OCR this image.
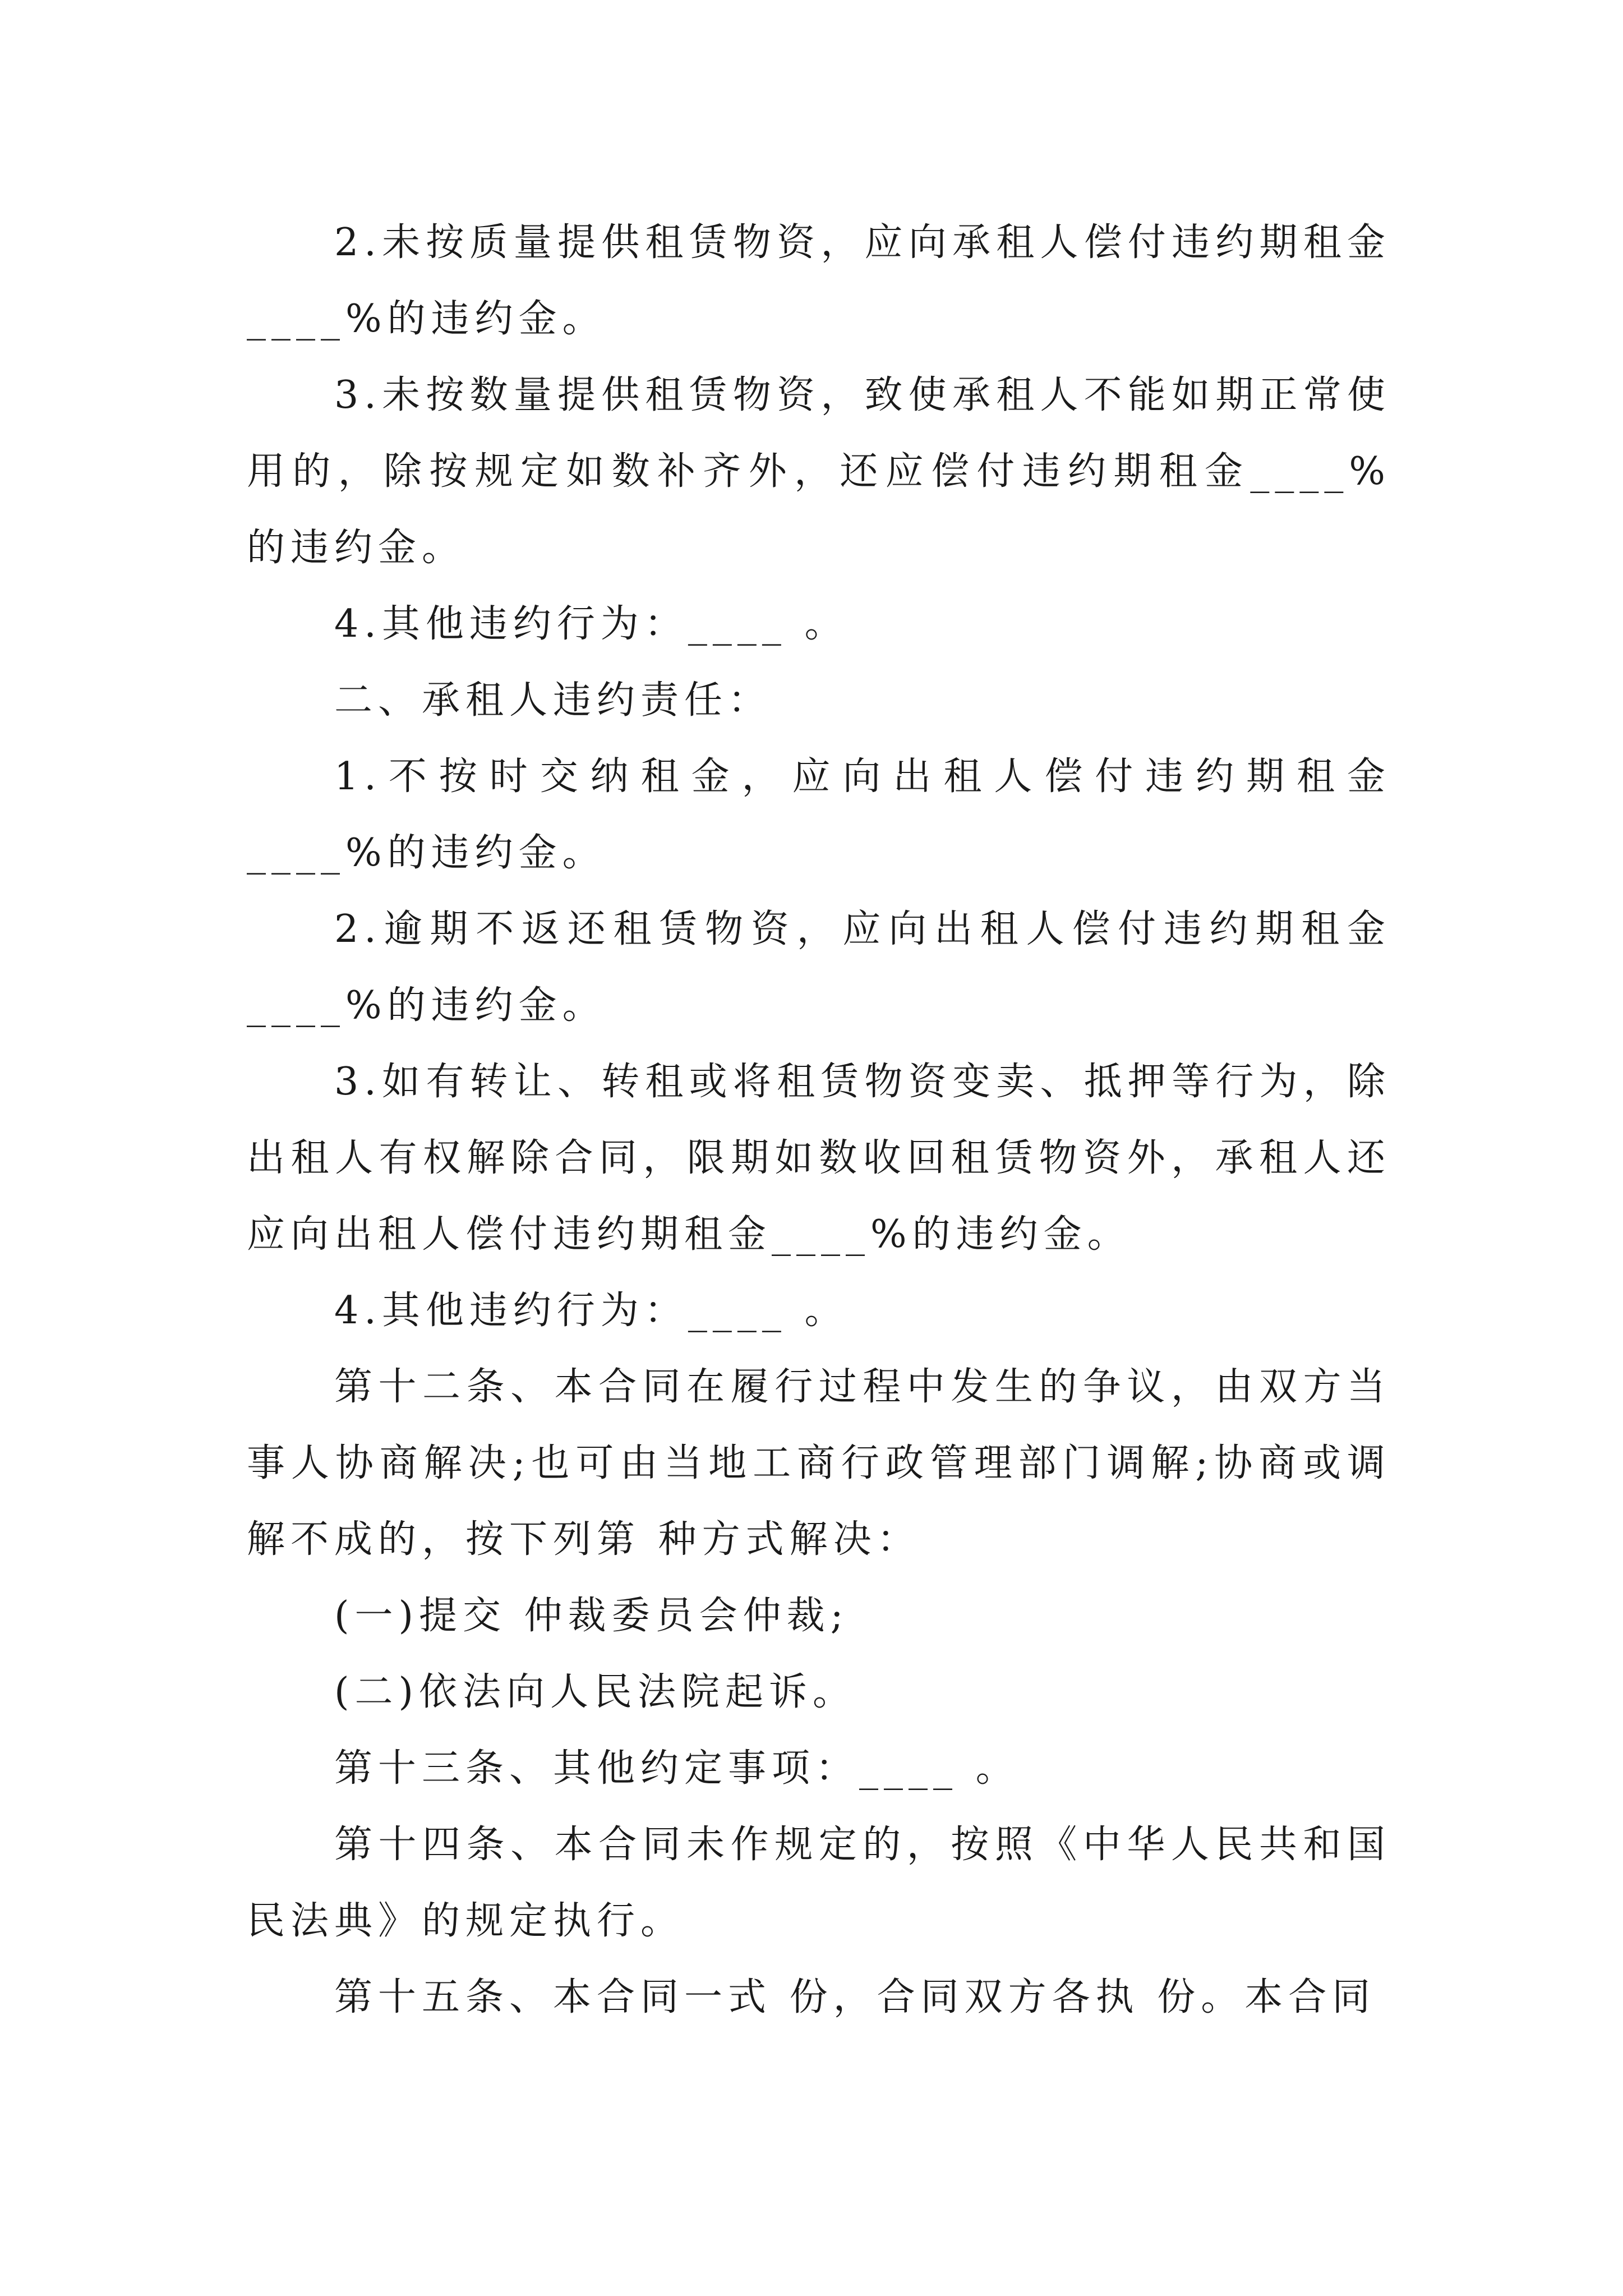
2.未按质量提供租赁物资，应向承租人偿付违约期租金____%的违约金。

3.未按数量提供租赁物资，致使承租人不能如期正常使用的，除按规定如数补齐外，还应偿付违约期租金____%的违约金。

4.其他违约行为：____ 。

二、承租人违约责任：

1.不按时交纳租金，应向出租人偿付违约期租金 ____%的违约金。

2.逾期不返还租赁物资，应向出租人偿付违约期租金____%的违约金。

3.如有转让、转租或将租赁物资变卖、抵押等行为，除出租人有权解除合同，限期如数收回租赁物资外，承租人还应向出租人偿付违约期租金____%的违约金。

4.其他违约行为：____ 。

第十二条、本合同在履行过程中发生的争议，由双方当事人协商解决;也可由当地工商行政管理部门调解;协商或调解不成的，按下列第 种方式解决：

(一)提交 仲裁委员会仲裁;

(二)依法向人民法院起诉。

第十三条、其他约定事项：____ 。

第十四条、本合同未作规定的，按照《中华人民共和国民法典》的规定执行。

第十五条、本合同一式 份，合同双方各执 份。本合同
